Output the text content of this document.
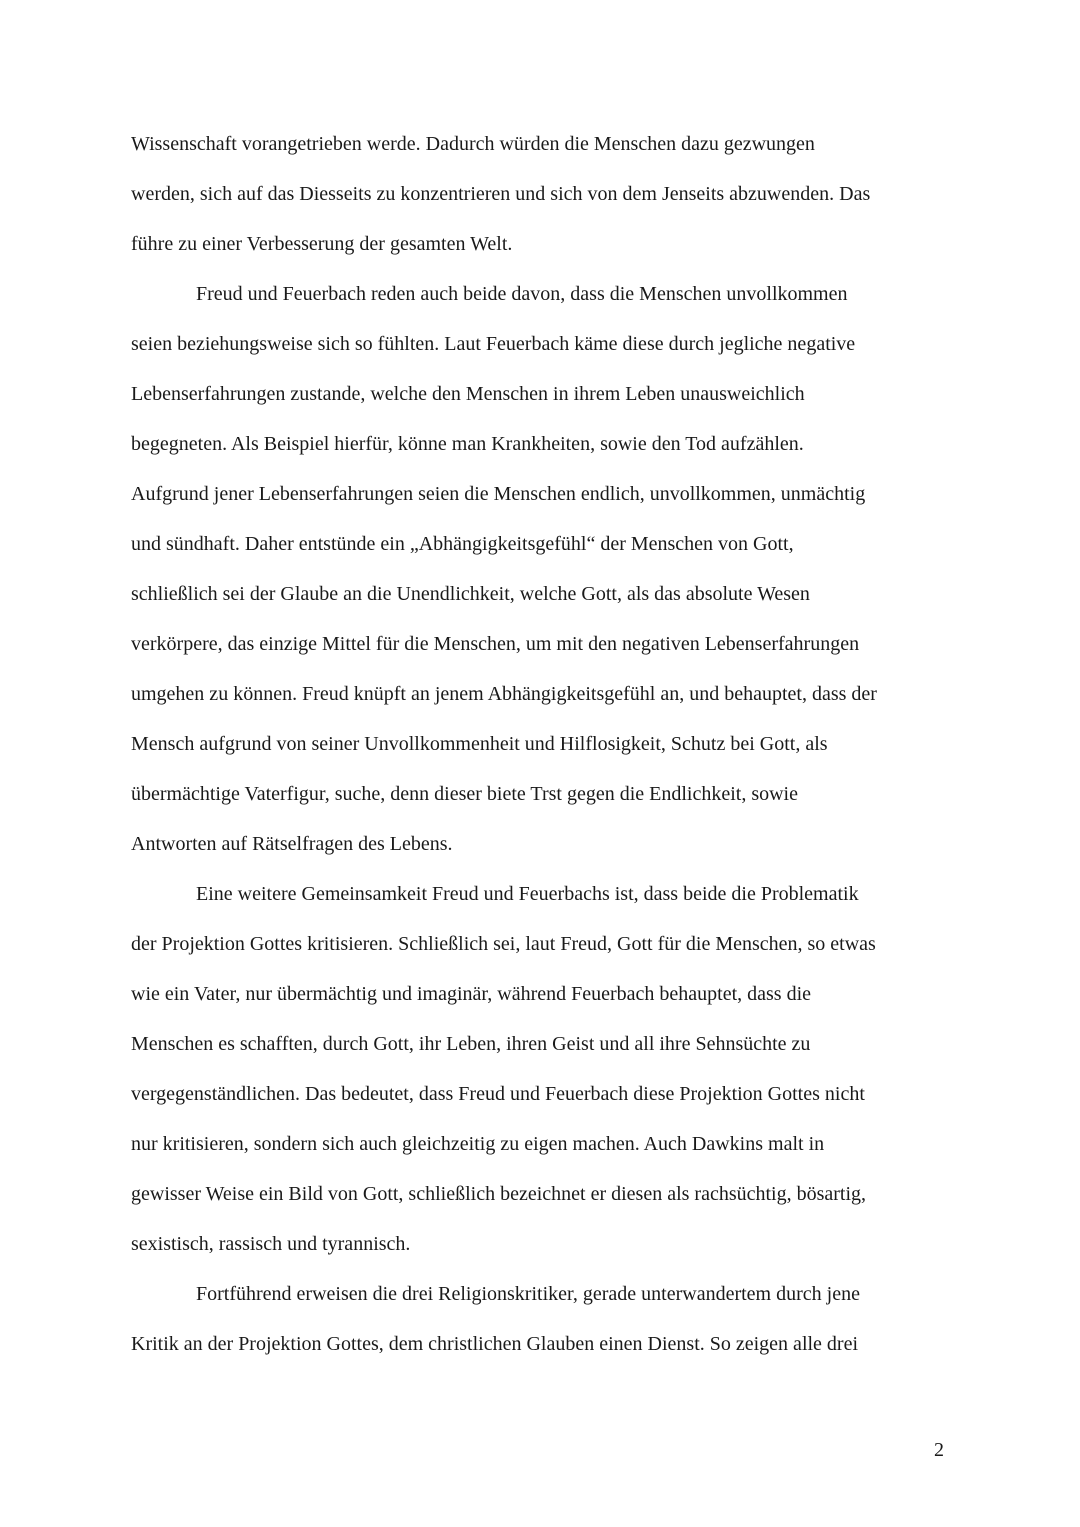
Wissenschaft vorangetrieben werde. Dadurch würden die Menschen dazu gezwungen
werden, sich auf das Diesseits zu konzentrieren und sich von dem Jenseits abzuwenden. Das
führe zu einer Verbesserung der gesamten Welt.
Freud und Feuerbach reden auch beide davon, dass die Menschen unvollkommen
seien beziehungsweise sich so fühlten. Laut Feuerbach käme diese durch jegliche negative
Lebenserfahrungen zustande, welche den Menschen in ihrem Leben unausweichlich
begegneten. Als Beispiel hierfür, könne man Krankheiten, sowie den Tod aufzählen.
Aufgrund jener Lebenserfahrungen seien die Menschen endlich, unvollkommen, unmächtig
und sündhaft. Daher entstünde ein „Abhängigkeitsgefühl“ der Menschen von Gott,
schließlich sei der Glaube an die Unendlichkeit, welche Gott, als das absolute Wesen
verkörpere, das einzige Mittel für die Menschen, um mit den negativen Lebenserfahrungen
umgehen zu können. Freud knüpft an jenem Abhängigkeitsgefühl an, und behauptet, dass der
Mensch aufgrund von seiner Unvollkommenheit und Hilflosigkeit, Schutz bei Gott, als
übermächtige Vaterfigur, suche, denn dieser biete Trst gegen die Endlichkeit, sowie
Antworten auf Rätselfragen des Lebens.
Eine weitere Gemeinsamkeit Freud und Feuerbachs ist, dass beide die Problematik
der Projektion Gottes kritisieren. Schließlich sei, laut Freud, Gott für die Menschen, so etwas
wie ein Vater, nur übermächtig und imaginär, während Feuerbach behauptet, dass die
Menschen es schafften, durch Gott, ihr Leben, ihren Geist und all ihre Sehnsüchte zu
vergegenständlichen. Das bedeutet, dass Freud und Feuerbach diese Projektion Gottes nicht
nur kritisieren, sondern sich auch gleichzeitig zu eigen machen. Auch Dawkins malt in
gewisser Weise ein Bild von Gott, schließlich bezeichnet er diesen als rachsüchtig, bösartig,
sexistisch, rassisch und tyrannisch.
Fortführend erweisen die drei Religionskritiker, gerade unterwandertem durch jene
Kritik an der Projektion Gottes, dem christlichen Glauben einen Dienst. So zeigen alle drei
2
